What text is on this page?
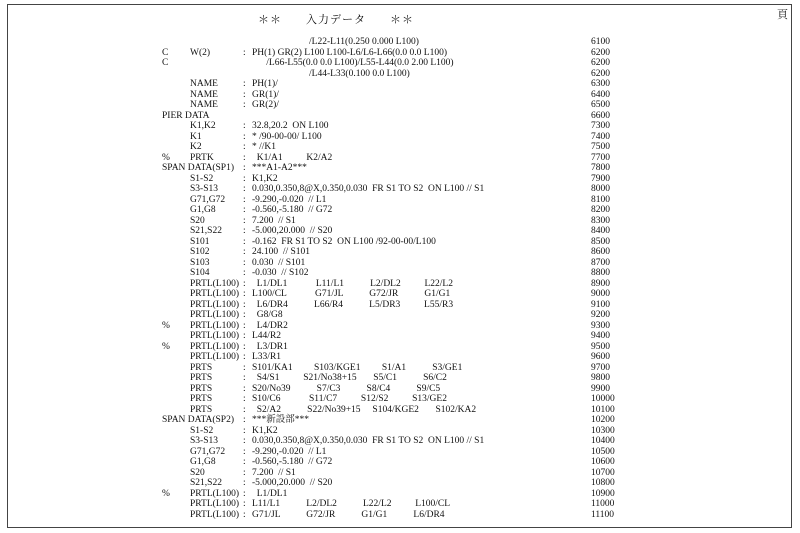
頁
＊＊　　入力データ　　＊＊
/L22-L11(0.250 0.000 L100)	6100
C W(2)	: PH(1) GR(2) L100 L100-L6/L6-L66(0.0 0.0 L100)	6200
C	/L66-L55(0.0 0.0 L100)/L55-L44(0.0 2.00 L100)	6200
/L44-L33(0.100 0.0 L100)	6200
NAME	: PH(1)/	6300
NAME	: GR(1)/	6400
NAME	: GR(2)/	6500
PIER DATA	6600
K1,K2	: 32.8,20.2  ON L100	7300
K1	: * /90-00-00/ L100	7400
K2	: * //K1	7500
% PRTK	: K1/A1          K2/A2	7700
SPAN DATA(SP1) : ***A1-A2***	7800
S1-S2	: K1,K2	7900
S3-S13	: 0.030,0.350,8@X,0.350,0.030  FR S1 TO S2  ON L100 // S1	8000
G71,G72 : -9.290,-0.020  // L1	8100
G1,G8	: -0.560,-5.180  // G72	8200
S20	: 7.200  // S1	8300
S21,S22 : -5.000,20.000  // S20	8400
S101	: -0.162  FR S1 TO S2  ON L100 /92-00-00/L100	8500
S102	: 24.100  // S101	8600
S103	: 0.030  // S101	8700
S104	: -0.030  // S102	8800
PRTL(L100) : L1/DL1            L11/L1           L2/DL2          L22/L2	8900
PRTL(L100) : L100/CL            G71/JL           G72/JR           G1/G1	9000
PRTL(L100) : L6/DR4           L66/R4           L5/DR3          L55/R3	9100
PRTL(L100) : G8/G8	9200
% PRTL(L100) : L4/DR2	9300
PRTL(L100) : L44/R2	9400
% PRTL(L100) : L3/DR1	9500
PRTL(L100) : L33/R1	9600
PRTS	: S101/KA1         S103/KGE1         S1/A1           S3/GE1	9700
PRTS	: S4/S1          S21/No38+15       S5/C1           S6/C2	9800
PRTS	: S20/No39           S7/C3           S8/C4           S9/C5	9900
PRTS	: S10/C6            S11/C7          S12/S2          S13/GE2	10000
PRTS	: S2/A2           S22/No39+15     S104/KGE2       S102/KA2	10100
SPAN DATA(SP2) : ***新設部***	10200
S1-S2	: K1,K2	10300
S3-S13	: 0.030,0.350,8@X,0.350,0.030  FR S1 TO S2  ON L100 // S1	10400
G71,G72 : -9.290,-0.020  // L1	10500
G1,G8	: -0.560,-5.180  // G72	10600
S20	: 7.200  // S1	10700
S21,S22 : -5.000,20.000  // S20	10800
% PRTL(L100) : L1/DL1	10900
PRTL(L100) : L11/L1           L2/DL2           L22/L2          L100/CL	11000
PRTL(L100) : G71/JL           G72/JR           G1/G1           L6/DR4	11100
